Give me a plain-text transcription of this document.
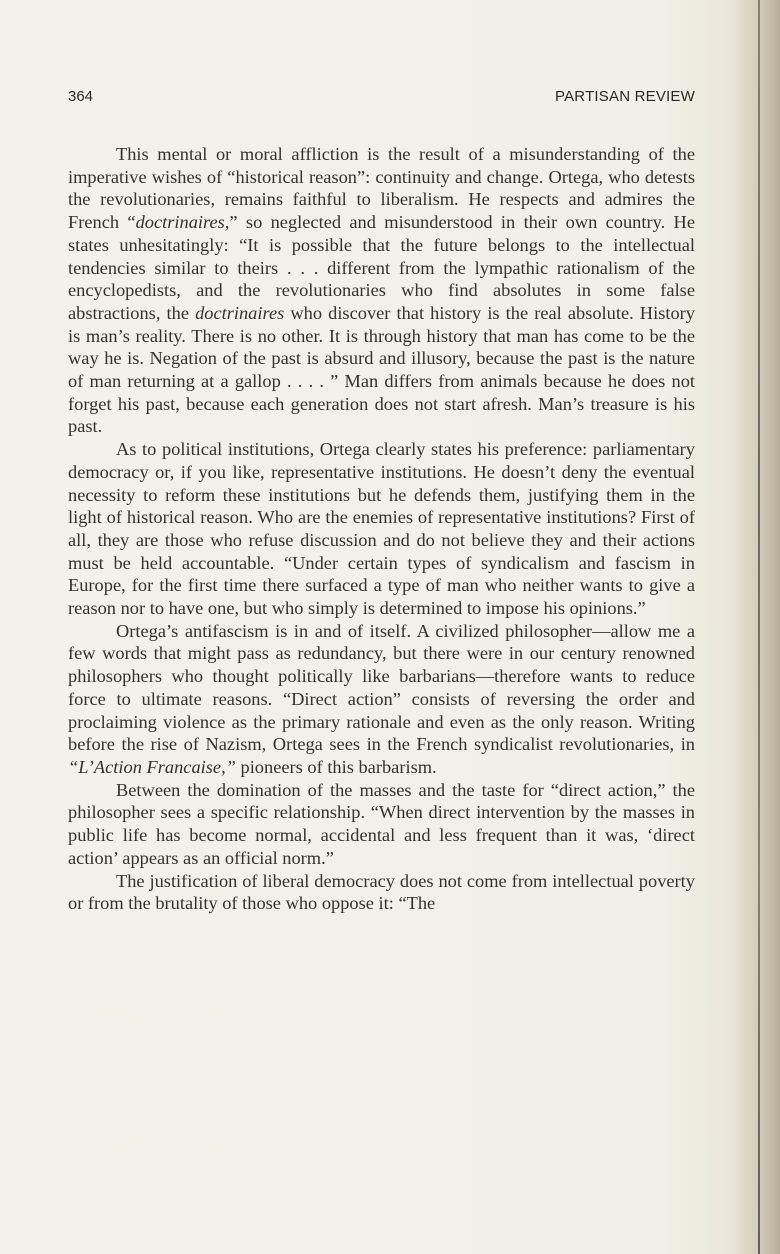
364	PARTISAN REVIEW

This mental or moral affliction is the result of a misunderstanding of the imperative wishes of “historical reason”: continuity and change. Ortega, who detests the revolutionaries, remains faithful to liberalism. He respects and admires the French “doctrinaires,” so neglected and misunderstood in their own country. He states unhesitatingly: “It is possible that the future belongs to the intellectual tendencies similar to theirs . . . different from the lympathic rationalism of the encyclopedists, and the revolutionaries who find absolutes in some false abstractions, the doctrinaires who discover that history is the real absolute. History is man’s reality. There is no other. It is through history that man has come to be the way he is. Negation of the past is absurd and illusory, because the past is the nature of man returning at a gallop . . . . ” Man differs from animals because he does not forget his past, because each generation does not start afresh. Man’s treasure is his past.

As to political institutions, Ortega clearly states his preference: parliamentary democracy or, if you like, representative institutions. He doesn’t deny the eventual necessity to reform these institutions but he defends them, justifying them in the light of historical reason. Who are the enemies of representative institutions? First of all, they are those who refuse discussion and do not believe they and their actions must be held accountable. “Under certain types of syndicalism and fascism in Europe, for the first time there surfaced a type of man who neither wants to give a reason nor to have one, but who simply is determined to impose his opinions.”

Ortega’s antifascism is in and of itself. A civilized philosopher—allow me a few words that might pass as redundancy, but there were in our century renowned philosophers who thought politically like barbarians—therefore wants to reduce force to ultimate reasons. “Direct action” consists of reversing the order and proclaiming violence as the primary rationale and even as the only reason. Writing before the rise of Nazism, Ortega sees in the French syndicalist revolutionaries, in “L’Action Francaise,” pioneers of this barbarism.

Between the domination of the masses and the taste for “direct action,” the philosopher sees a specific relationship. “When direct intervention by the masses in public life has become normal, accidental and less frequent than it was, ‘direct action’ appears as an official norm.”

The justification of liberal democracy does not come from intellectual poverty or from the brutality of those who oppose it: “The
